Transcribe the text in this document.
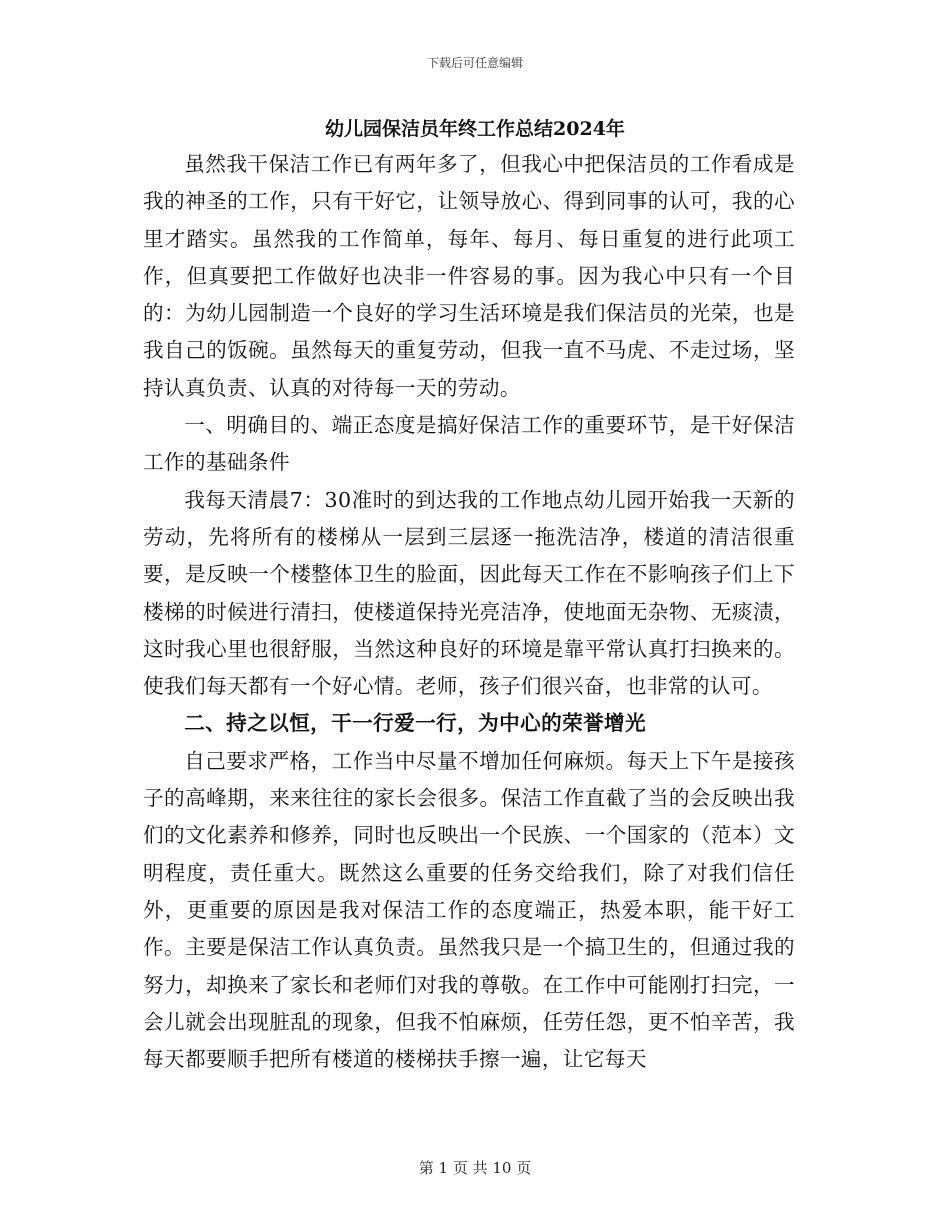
下载后可任意编辑
幼儿园保洁员年终工作总结2024年

虽然我干保洁工作已有两年多了，但我心中把保洁员的工作看成是我的神圣的工作，只有干好它，让领导放心、得到同事的认可，我的心里才踏实。虽然我的工作简单，每年、每月、每日重复的进行此项工作，但真要把工作做好也决非一件容易的事。因为我心中只有一个目的：为幼儿园制造一个良好的学习生活环境是我们保洁员的光荣，也是我自己的饭碗。虽然每天的重复劳动，但我一直不马虎、不走过场，坚持认真负责、认真的对待每一天的劳动。

一、明确目的、端正态度是搞好保洁工作的重要环节，是干好保洁工作的基础条件

我每天清晨7：30准时的到达我的工作地点幼儿园开始我一天新的劳动，先将所有的楼梯从一层到三层逐一拖洗洁净，楼道的清洁很重要，是反映一个楼整体卫生的脸面，因此每天工作在不影响孩子们上下楼梯的时候进行清扫，使楼道保持光亮洁净，使地面无杂物、无痰渍，这时我心里也很舒服，当然这种良好的环境是靠平常认真打扫换来的。使我们每天都有一个好心情。老师，孩子们很兴奋，也非常的认可。

二、持之以恒，干一行爱一行，为中心的荣誉增光

自己要求严格，工作当中尽量不增加任何麻烦。每天上下午是接孩子的高峰期，来来往往的家长会很多。保洁工作直截了当的会反映出我们的文化素养和修养，同时也反映出一个民族、一个国家的（范本）文明程度，责任重大。既然这么重要的任务交给我们，除了对我们信任外，更重要的原因是我对保洁工作的态度端正，热爱本职，能干好工作。主要是保洁工作认真负责。虽然我只是一个搞卫生的，但通过我的努力，却换来了家长和老师们对我的尊敬。在工作中可能刚打扫完，一会儿就会出现脏乱的现象，但我不怕麻烦，任劳任怨，更不怕辛苦，我每天都要顺手把所有楼道的楼梯扶手擦一遍，让它每天

第 1 页 共 10 页
